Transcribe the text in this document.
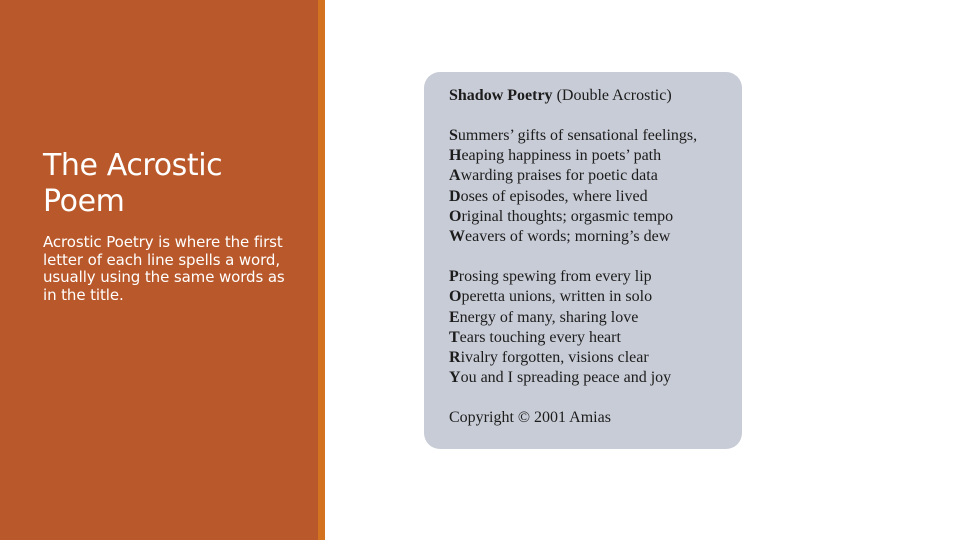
The Acrostic Poem

Acrostic Poetry is where the first letter of each line spells a word, usually using the same words as in the title.

Shadow Poetry (Double Acrostic)

Summers’ gifts of sensational feelings,
Heaping happiness in poets’ path
Awarding praises for poetic data
Doses of episodes, where lived
Original thoughts; orgasmic tempo
Weavers of words; morning’s dew
Prosing spewing from every lip
Operetta unions, written in solo
Energy of many, sharing love
Tears touching every heart
Rivalry forgotten, visions clear
You and I spreading peace and joy

Copyright © 2001 Amias
